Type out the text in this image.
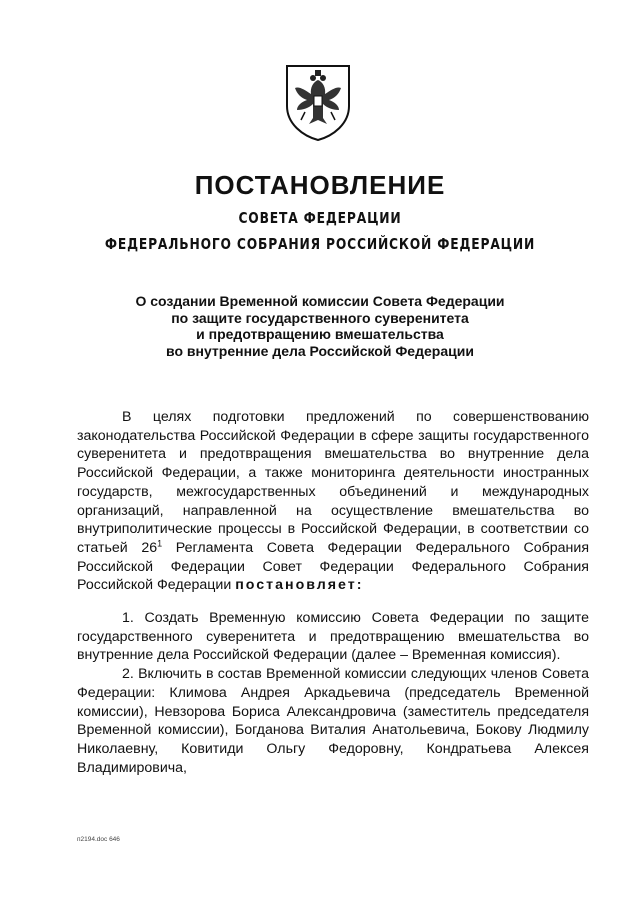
ПОСТАНОВЛЕНИЕ
СОВЕТА ФЕДЕРАЦИИ
ФЕДЕРАЛЬНОГО СОБРАНИЯ РОССИЙСКОЙ ФЕДЕРАЦИИ
О создании Временной комиссии Совета Федерации
по защите государственного суверенитета
и предотвращению вмешательства
во внутренние дела Российской Федерации

В целях подготовки предложений по совершенствованию законодательства Российской Федерации в сфере защиты государственного суверенитета и предотвращения вмешательства во внутренние дела Российской Федерации, а также мониторинга деятельности иностранных государств, межгосударственных объединений и международных организаций, направленной на осуществление вмешательства во внутриполитические процессы в Российской Федерации, в соответствии со статьей $26^1$ Регламента Совета Федерации Федерального Собрания Российской Федерации Совет Федерации Федерального Собрания Российской Федерации постановляет:

1. Создать Временную комиссию Совета Федерации по защите государственного суверенитета и предотвращению вмешательства во внутренние дела Российской Федерации (далее – Временная комиссия).

2. Включить в состав Временной комиссии следующих членов Совета Федерации: Климова Андрея Аркадьевича (председатель Временной комиссии), Невзорова Бориса Александровича (заместитель председателя Временной комиссии), Богданова Виталия Анатольевича, Бокову Людмилу Николаевну, Ковитиди Ольгу Федоровну, Кондратьева Алексея Владимировича,

п2194.doc 646
